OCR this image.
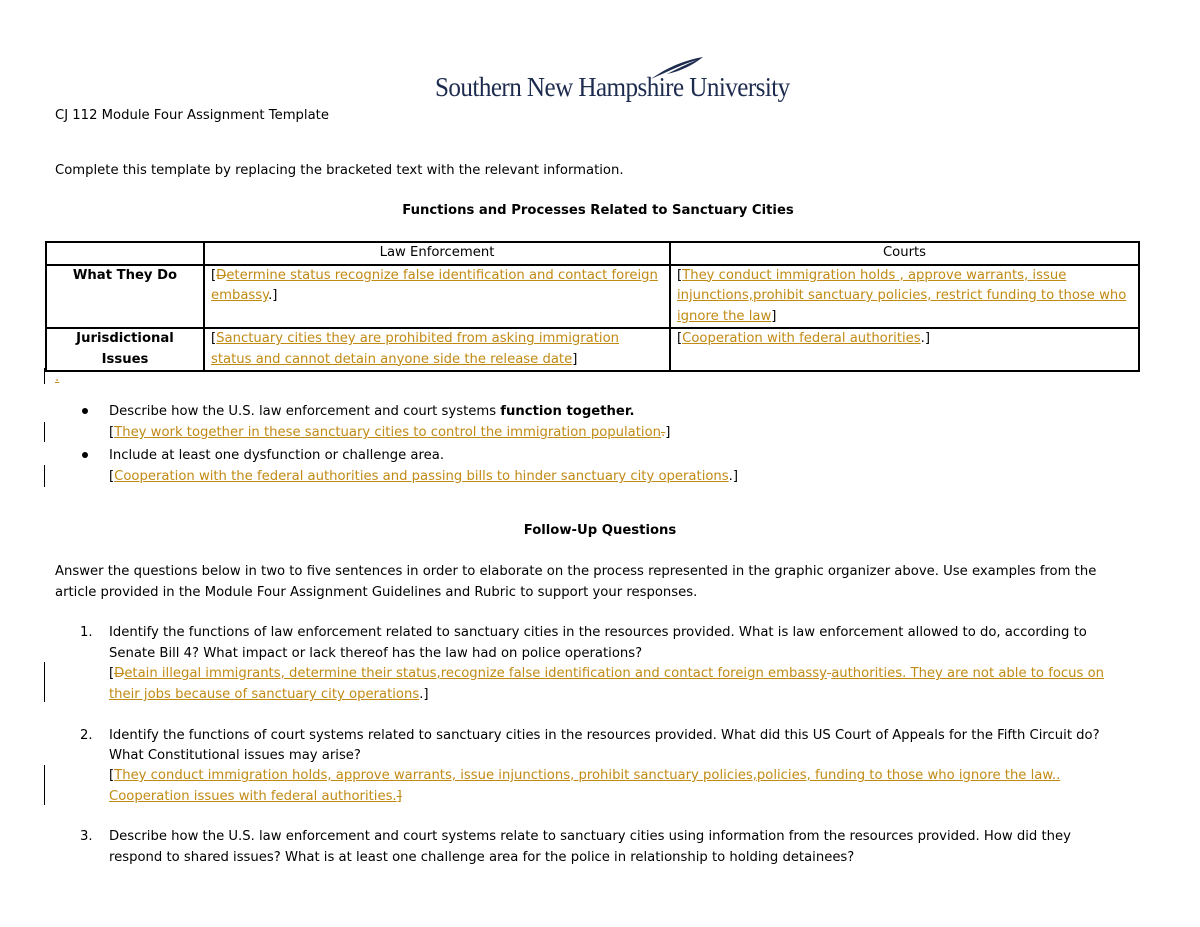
Southern New Hampshire University
CJ 112 Module Four Assignment Template
Complete this template by replacing the bracketed text with the relevant information.
Functions and Processes Related to Sanctuary Cities
	Law Enforcement	Courts
What They Do	[Determine status recognize false identification and contact foreign embassy.]	[They conduct immigration holds , approve warrants, issue injunctions,prohibit sanctuary policies, restrict funding to those who ignore the law]
Jurisdictional Issues	[Sanctuary cities they are prohibited from asking immigration status and cannot detain anyone side the release date]	[Cooperation with federal authorities.]
.
Describe how the U.S. law enforcement and court systems function together.
[They work together in these sanctuary cities to control the immigration population.]
Include at least one dysfunction or challenge area.
[Cooperation with the federal authorities and passing bills to hinder sanctuary city operations.]
Follow-Up Questions
Answer the questions below in two to five sentences in order to elaborate on the process represented in the graphic organizer above. Use examples from the
article provided in the Module Four Assignment Guidelines and Rubric to support your responses.
1. Identify the functions of law enforcement related to sanctuary cities in the resources provided. What is law enforcement allowed to do, according to
Senate Bill 4? What impact or lack thereof has the law had on police operations?
[Detain illegal immigrants, determine their status,recognize false identification and contact foreign embassy authorities. They are not able to focus on
their jobs because of sanctuary city operations.]
2. Identify the functions of court systems related to sanctuary cities in the resources provided. What did this US Court of Appeals for the Fifth Circuit do?
What Constitutional issues may arise?
[They conduct immigration holds, approve warrants, issue injunctions, prohibit sanctuary policies,policies, funding to those who ignore the law..
Cooperation issues with federal authorities.]
3. Describe how the U.S. law enforcement and court systems relate to sanctuary cities using information from the resources provided. How did they
respond to shared issues? What is at least one challenge area for the police in relationship to holding detainees?
